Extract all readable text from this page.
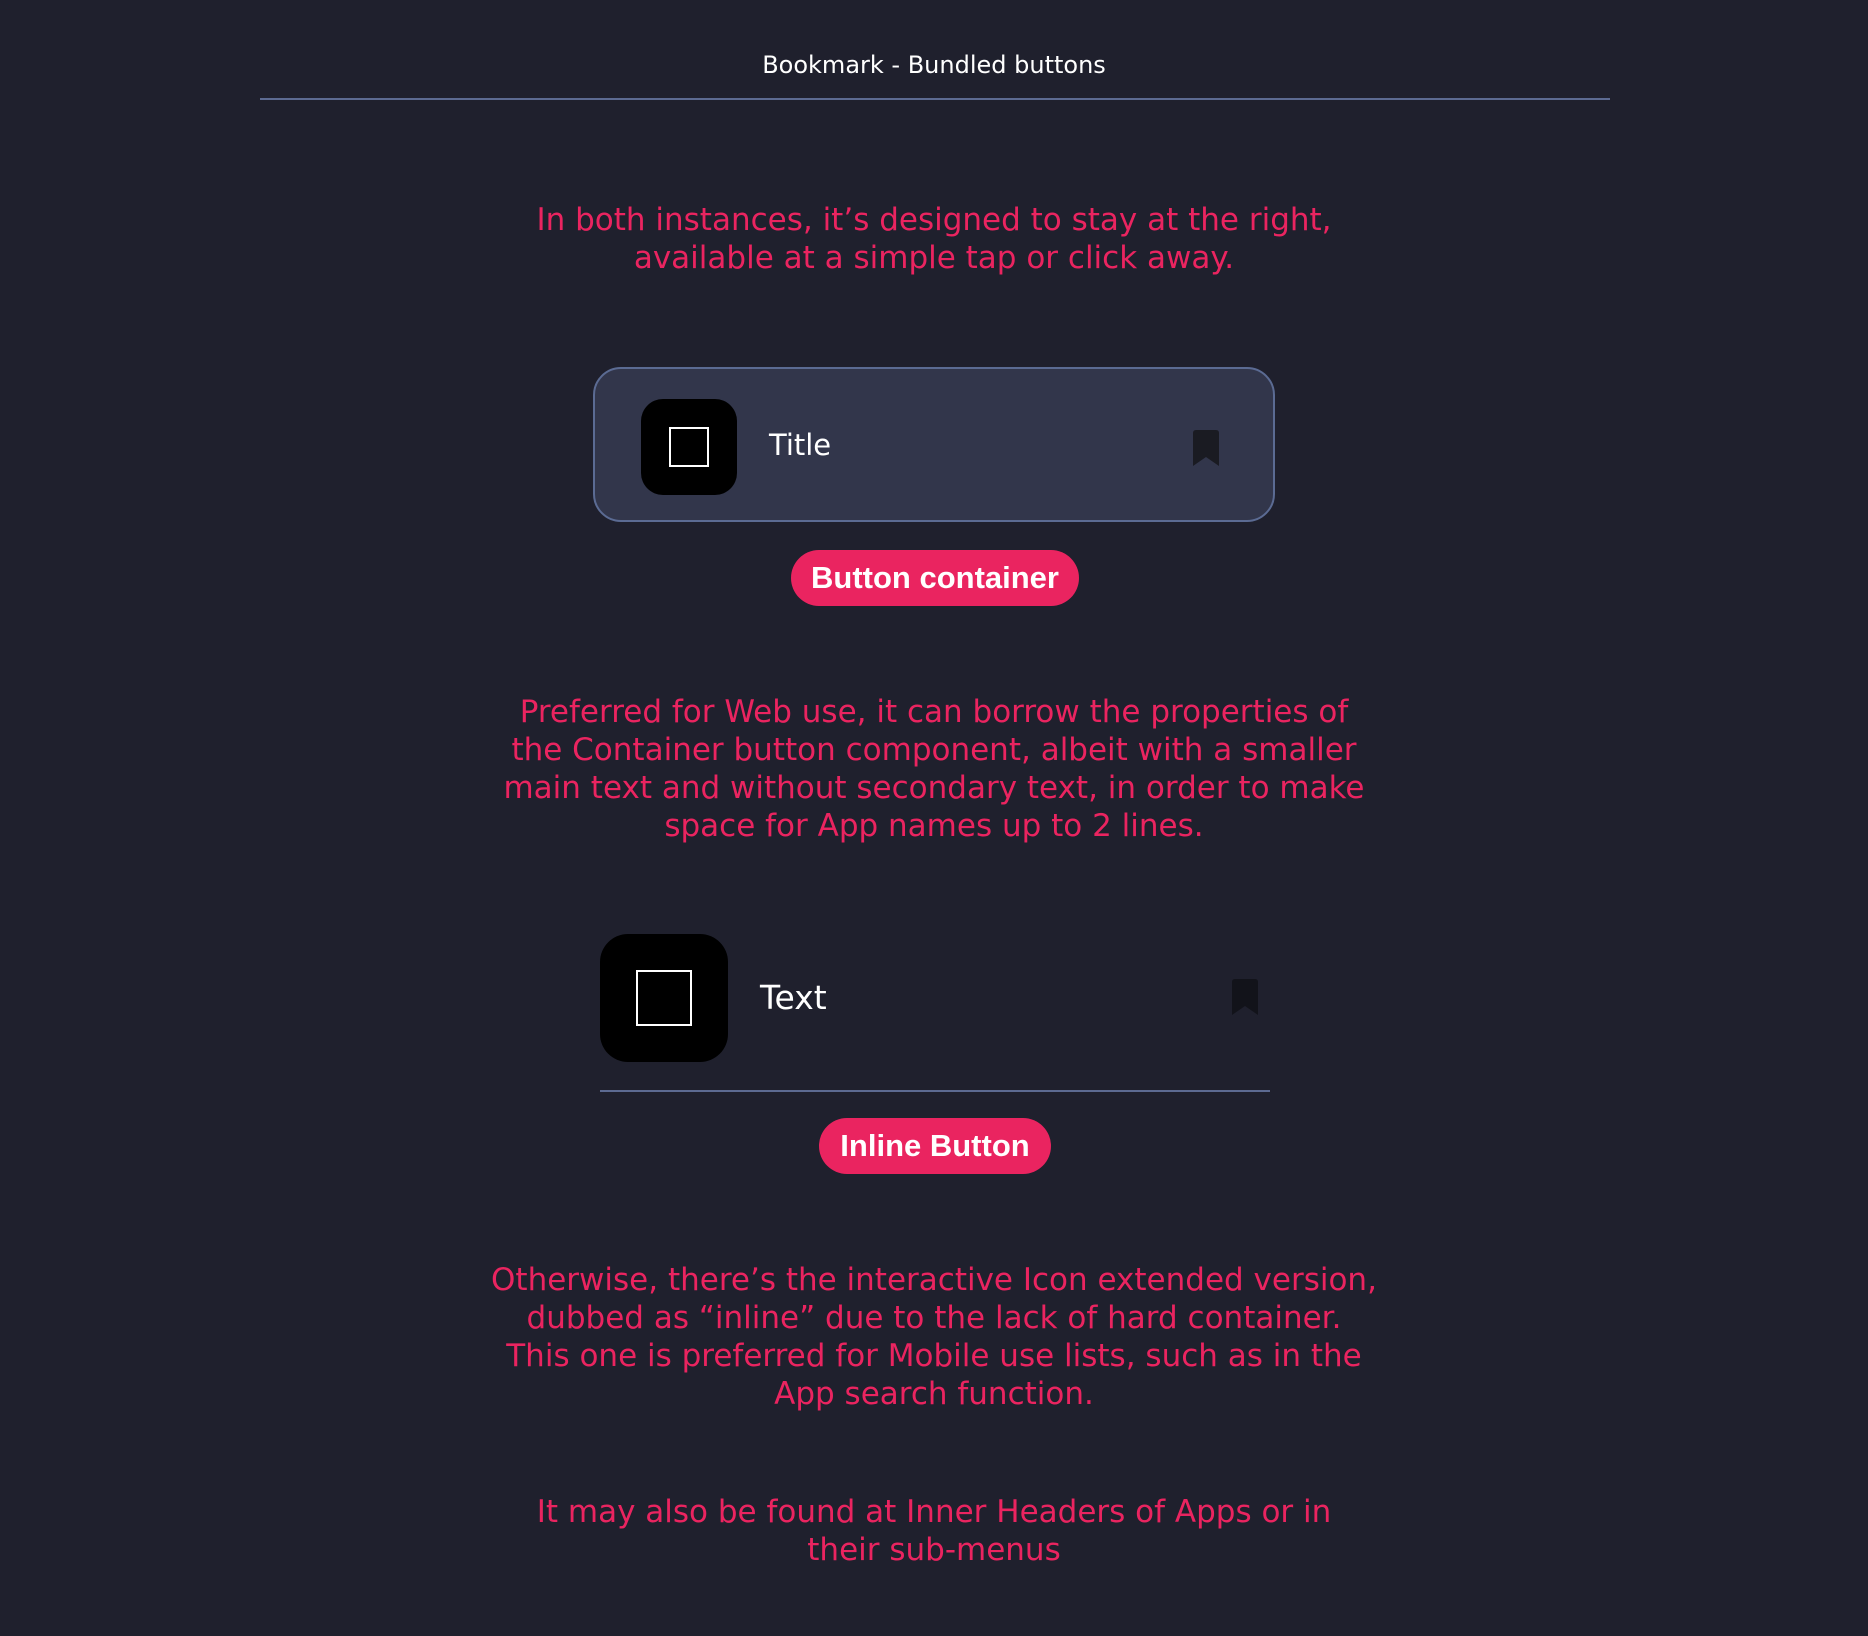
Bookmark - Bundled buttons
In both instances, it’s designed to stay at the right,
available at a simple tap or click away.
Title
Button container
Preferred for Web use, it can borrow the properties of
the Container button component, albeit with a smaller
main text and without secondary text, in order to make
space for App names up to 2 lines.
Text
Inline Button
Otherwise, there’s the interactive Icon extended version,
dubbed as “inline” due to the lack of hard container.
This one is preferred for Mobile use lists, such as in the
App search function.
It may also be found at Inner Headers of Apps or in
their sub-menus
